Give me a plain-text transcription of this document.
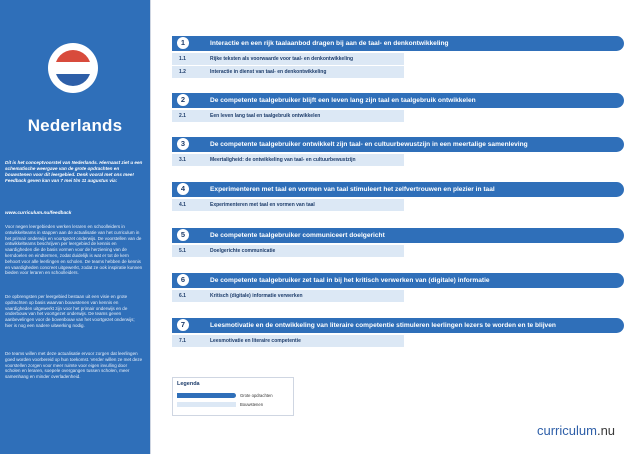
Nederlands
Dit is het conceptvoorstel van Nederlands. Hiernaast ziet u een schematische weergave van de grote opdrachten en bouwstenen voor dit leergebied. Denk vooral met ons mee! Feedback geven kan van 7 mei t/m 11 augustus via:
www.curriculum.nu/feedback
Voor negen leergebieden werken leraren en schoolleiders in ontwikkelteams in stappen aan de actualisatie van het curriculum in het primair onderwijs en voortgezet onderwijs. De voorstellen van de ontwikkelteams beschrijven per leergebied de kennis en vaardigheden die de basis vormen voor de herziening van de kerndoelen en eindtermen, zodat duidelijk is wat er tot de kern behoort voor alle leerlingen en scholen. De teams hebben de kennis en vaardigheden concreet uitgewerkt, zodat ze ook inspiratie kunnen bieden voor leraren en schoolleiders.
De opbrengsten per leergebied bestaan uit een visie en grote opdrachten op basis waarvan bouwstenen van kennis en vaardigheden uitgewerkt zijn voor het primair onderwijs en de onderbouw van het voortgezet onderwijs. De teams geven aanbevelingen voor de bovenbouw van het voortgezet onderwijs; hier is nog een nadere uitwerking nodig.
De teams willen met deze actualisatie ervoor zorgen dat leerlingen goed worden voorbereid op hun toekomst. Verder willen ze met deze voorstellen zorgen voor meer ruimte voor eigen invulling door scholen en leraren, soepele overgangen tussen scholen, meer samenhang en minder overladenheid.
1	Interactie en een rijk taalaanbod dragen bij aan de taal- en denkontwikkeling
1.1	Rijke teksten als voorwaarde voor taal- en denkontwikkeling
1.2	Interactie in dienst van taal- en denkontwikkeling
2	De competente taalgebruiker blijft een leven lang zijn taal en taalgebruik ontwikkelen
2.1	Een leven lang taal en taalgebruik ontwikkelen
3	De competente taalgebruiker ontwikkelt zijn taal- en cultuurbewustzijn in een meertalige samenleving
3.1	Meertaligheid: de ontwikkeling van taal- en cultuurbewustzijn
4	Experimenteren met taal en vormen van taal stimuleert het zelfvertrouwen en plezier in taal
4.1	Experimenteren met taal en vormen van taal
5	De competente taalgebruiker communiceert doelgericht
5.1	Doelgerichte communicatie
6	De competente taalgebruiker zet taal in bij het kritisch verwerken van (digitale) informatie
6.1	Kritisch (digitale) informatie verwerken
7	Leesmotivatie en de ontwikkeling van literaire competentie stimuleren leerlingen lezers te worden en te blijven
7.1	Leesmotivatie en literaire competentie
Legenda
Grote opdrachten
Bouwstenen
curriculum.nu
